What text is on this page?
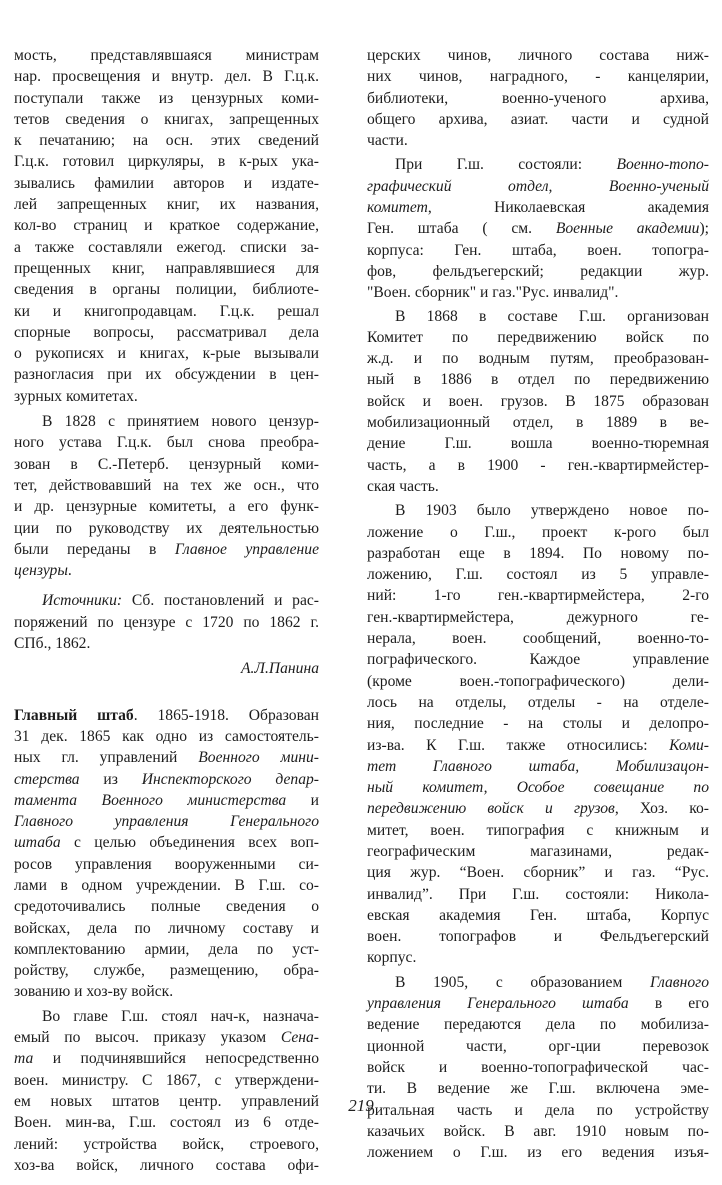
мость, представлявшаяся министрам
нар. просвещения и внутр. дел. В Г.ц.к.
поступали также из цензурных коми-
тетов сведения о книгах, запрещенных
к печатанию; на осн. этих сведений
Г.ц.к. готовил циркуляры, в к-рых ука-
зывались фамилии авторов и издате-
лей запрещенных книг, их названия,
кол-во страниц и краткое содержание,
а также составляли ежегод. списки за-
прещенных книг, направлявшиеся для
сведения в органы полиции, библиоте-
ки и книгопродавцам. Г.ц.к. решал
спорные вопросы, рассматривал дела
о рукописях и книгах, к-рые вызывали
разногласия при их обсуждении в цен-
зурных комитетах.
В 1828 с принятием нового цензур-
ного устава Г.ц.к. был снова преобра-
зован в С.-Петерб. цензурный коми-
тет, действовавший на тех же осн., что
и др. цензурные комитеты, а его функ-
ции по руководству их деятельностью
были переданы в Главное управление
цензуры.
Источники: Сб. постановлений и рас-
поряжений по цензуре с 1720 по 1862 г.
СПб., 1862.
А.Л.Панина
Главный штаб. 1865-1918. Образован
31 дек. 1865 как одно из самостоятель-
ных гл. управлений Военного мини-
стерства из Инспекторского депар-
тамента Военного министерства и
Главного управления Генерального
штаба с целью объединения всех воп-
росов управления вооруженными си-
лами в одном учреждении. В Г.ш. со-
средоточивались полные сведения о
войсках, дела по личному составу и
комплектованию армии, дела по уст-
ройству, службе, размещению, обра-
зованию и хоз-ву войск.
Во главе Г.ш. стоял нач-к, назнача-
емый по высоч. приказу указом Сена-
та и подчинявшийся непосредственно
воен. министру. С 1867, с утверждени-
ем новых штатов центр. управлений
Воен. мин-ва, Г.ш. состоял из 6 отде-
лений: устройства войск, строевого,
хоз-ва войск, личного состава офи-
церских чинов, личного состава ниж-
них чинов, наградного, - канцелярии,
библиотеки, военно-ученого архива,
общего архива, азиат. части и судной
части.
При Г.ш. состояли: Военно-топо-
графический отдел, Военно-ученый
комитет, Николаевская академия
Ген. штаба ( см. Военные академии);
корпуса: Ген. штаба, воен. топогра-
фов, фельдъегерский; редакции жур.
"Воен. сборник" и газ."Рус. инвалид".
В 1868 в составе Г.ш. организован
Комитет по передвижению войск по
ж.д. и по водным путям, преобразован-
ный в 1886 в отдел по передвижению
войск и воен. грузов. В 1875 образован
мобилизационный отдел, в 1889 в ве-
дение Г.ш. вошла военно-тюремная
часть, а в 1900 - ген.-квартирмейстер-
ская часть.
В 1903 было утверждено новое по-
ложение о Г.ш., проект к-рого был
разработан еще в 1894. По новому по-
ложению, Г.ш. состоял из 5 управле-
ний: 1-го ген.-квартирмейстера, 2-го
ген.-квартирмейстера, дежурного ге-
нерала, воен. сообщений, военно-то-
пографического. Каждое управление
(кроме воен.-топографического) дели-
лось на отделы, отделы - на отделе-
ния, последние - на столы и делопро-
из-ва. К Г.ш. также относились: Коми-
тет Главного штаба, Мобилизацон-
ный комитет, Особое совещание по
передвижению войск и грузов, Хоз. ко-
митет, воен. типография с книжным и
географическим магазинами, редак-
ция жур. “Воен. сборник” и газ. “Рус.
инвалид”. При Г.ш. состояли: Никола-
евская академия Ген. штаба, Корпус
воен. топографов и Фельдъегерский
корпус.
В 1905, с образованием Главного
управления Генерального штаба в его
ведение передаются дела по мобилиза-
ционной части, орг-ции перевозок
войск и военно-топографической час-
ти. В ведение же Г.ш. включена эме-
ритальная часть и дела по устройству
казачьих войск. В авг. 1910 новым по-
ложением о Г.ш. из его ведения изъя-
219
